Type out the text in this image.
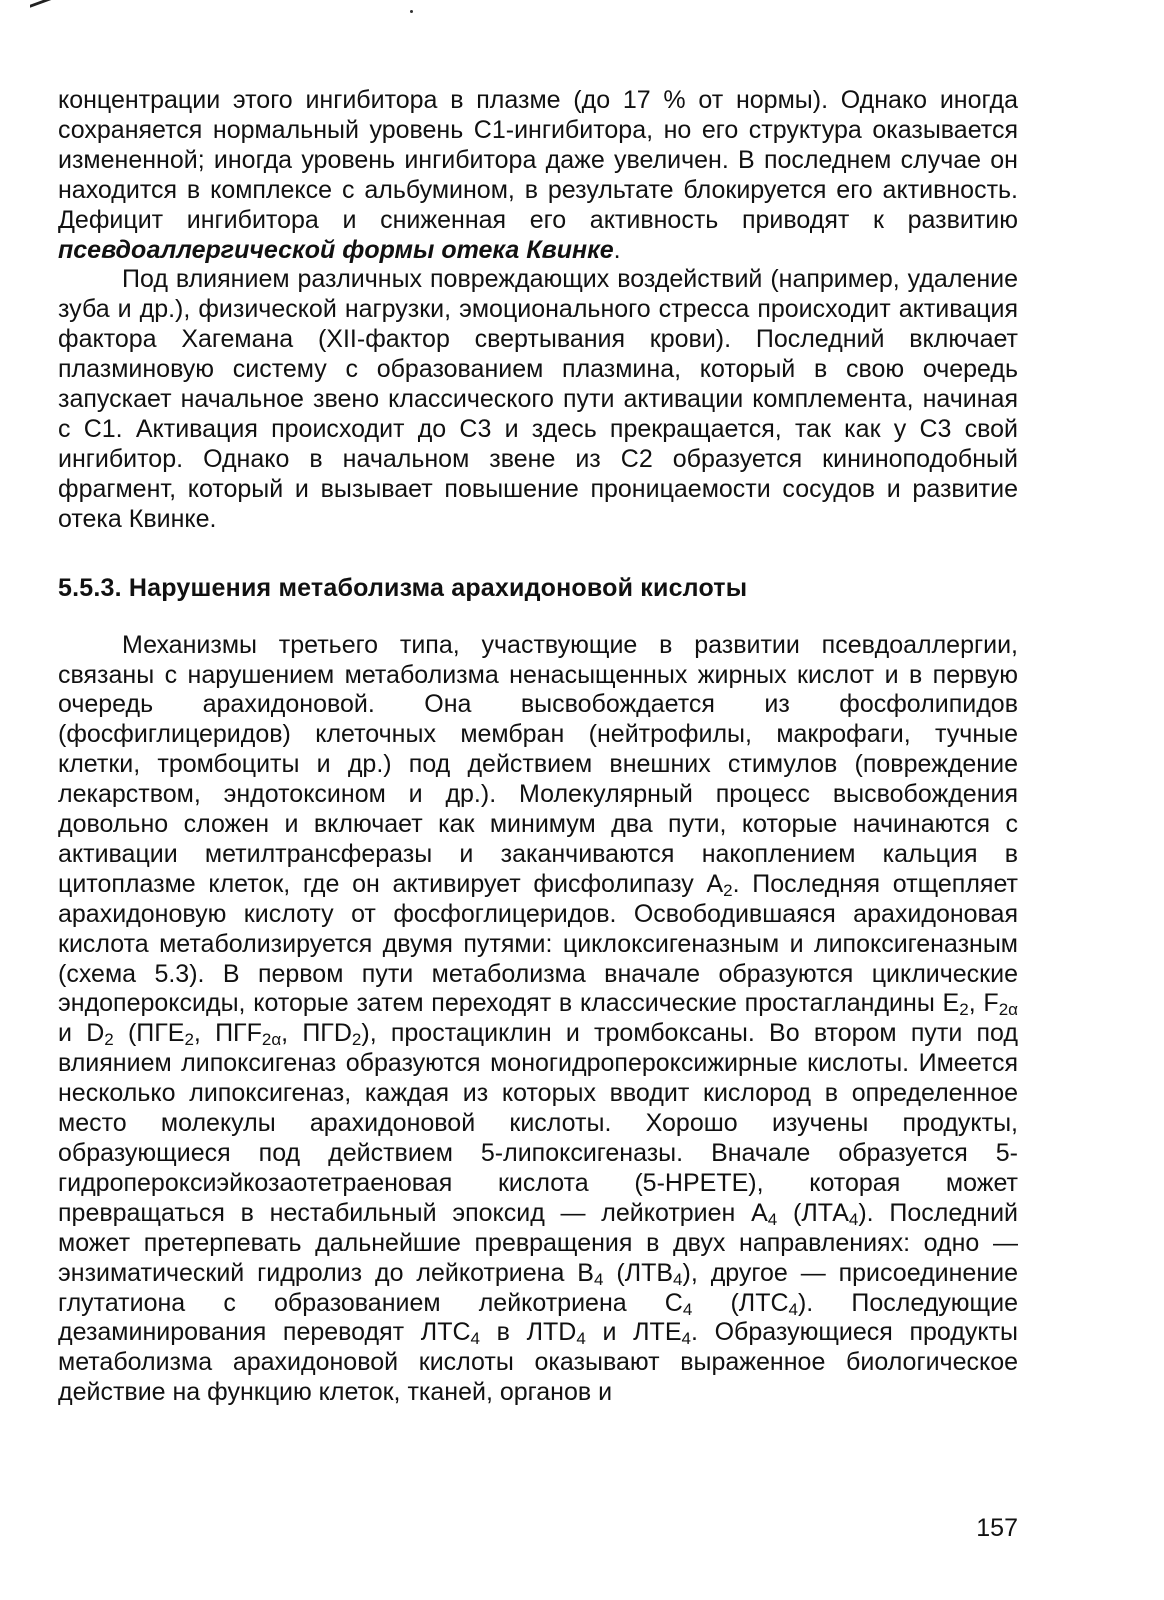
концентрации этого ингибитора в плазме (до 17 % от нормы). Однако иногда сохраняется нормальный уровень С1-ингибитора, но его структура оказывается измененной; иногда уровень ингибитора даже увеличен. В последнем случае он находится в комплексе с альбумином, в результате блокируется его активность. Дефицит ингибитора и сниженная его активность приводят к развитию псевдоаллергической формы отека Квинке.

Под влиянием различных повреждающих воздействий (например, удаление зуба и др.), физической нагрузки, эмоционального стресса происходит активация фактора Хагемана (XII-фактор свертывания крови). Последний включает плазминовую систему с образованием плазмина, который в свою очередь запускает начальное звено классического пути активации комплемента, начиная с С1. Активация происходит до С3 и здесь прекращается, так как у С3 свой ингибитор. Однако в начальном звене из С2 образуется кининоподобный фрагмент, который и вызывает повышение проницаемости сосудов и развитие отека Квинке.

5.5.3. Нарушения метаболизма арахидоновой кислоты

Механизмы третьего типа, участвующие в развитии псевдоаллергии, связаны с нарушением метаболизма ненасыщенных жирных кислот и в первую очередь арахидоновой. Она высвобождается из фосфолипидов (фосфиглицеридов) клеточных мембран (нейтрофилы, макрофаги, тучные клетки, тромбоциты и др.) под действием внешних стимулов (повреждение лекарством, эндотоксином и др.). Молекулярный процесс высвобождения довольно сложен и включает как минимум два пути, которые начинаются с активации метилтрансферазы и заканчиваются накоплением кальция в цитоплазме клеток, где он активирует фисфолипазу $А_2$. Последняя отщепляет арахидоновую кислоту от фосфоглицеридов. Освободившаяся арахидоновая кислота метаболизируется двумя путями: циклоксигеназным и липоксигеназным (схема 5.3). В первом пути метаболизма вначале образуются циклические эндопероксиды, которые затем переходят в классические простагландины $Е_2$, $F_{2\alpha}$ и $D_2$ ($ПГЕ_2$, $ПГF_{2\alpha}$, $ПГD_2$), простациклин и тромбоксаны. Во втором пути под влиянием липоксигеназ образуются моногидропероксижирные кислоты. Имеется несколько липоксигеназ, каждая из которых вводит кислород в определенное место молекулы арахидоновой кислоты. Хорошо изучены продукты, образующиеся под действием 5-липоксигеназы. Вначале образуется 5-гидропероксиэйкозаотетраеновая кислота (5-НРЕТЕ), которая может превращаться в нестабильный эпоксид — лейкотриен $А_4$ $(ЛТА_4)$. Последний может претерпевать дальнейшие превращения в двух направлениях: одно — энзиматический гидролиз до лейкотриена $В_4$ $(ЛТВ_4)$, другое — присоединение глутатиона с образованием лейкотриена $С_4$ $(ЛТС_4)$. Последующие дезаминирования переводят $ЛТС_4$ в $ЛТD_4$ и $ЛТЕ_4$. Образующиеся продукты метаболизма арахидоновой кислоты оказывают выраженное биологическое действие на функцию клеток, тканей, органов и

157
